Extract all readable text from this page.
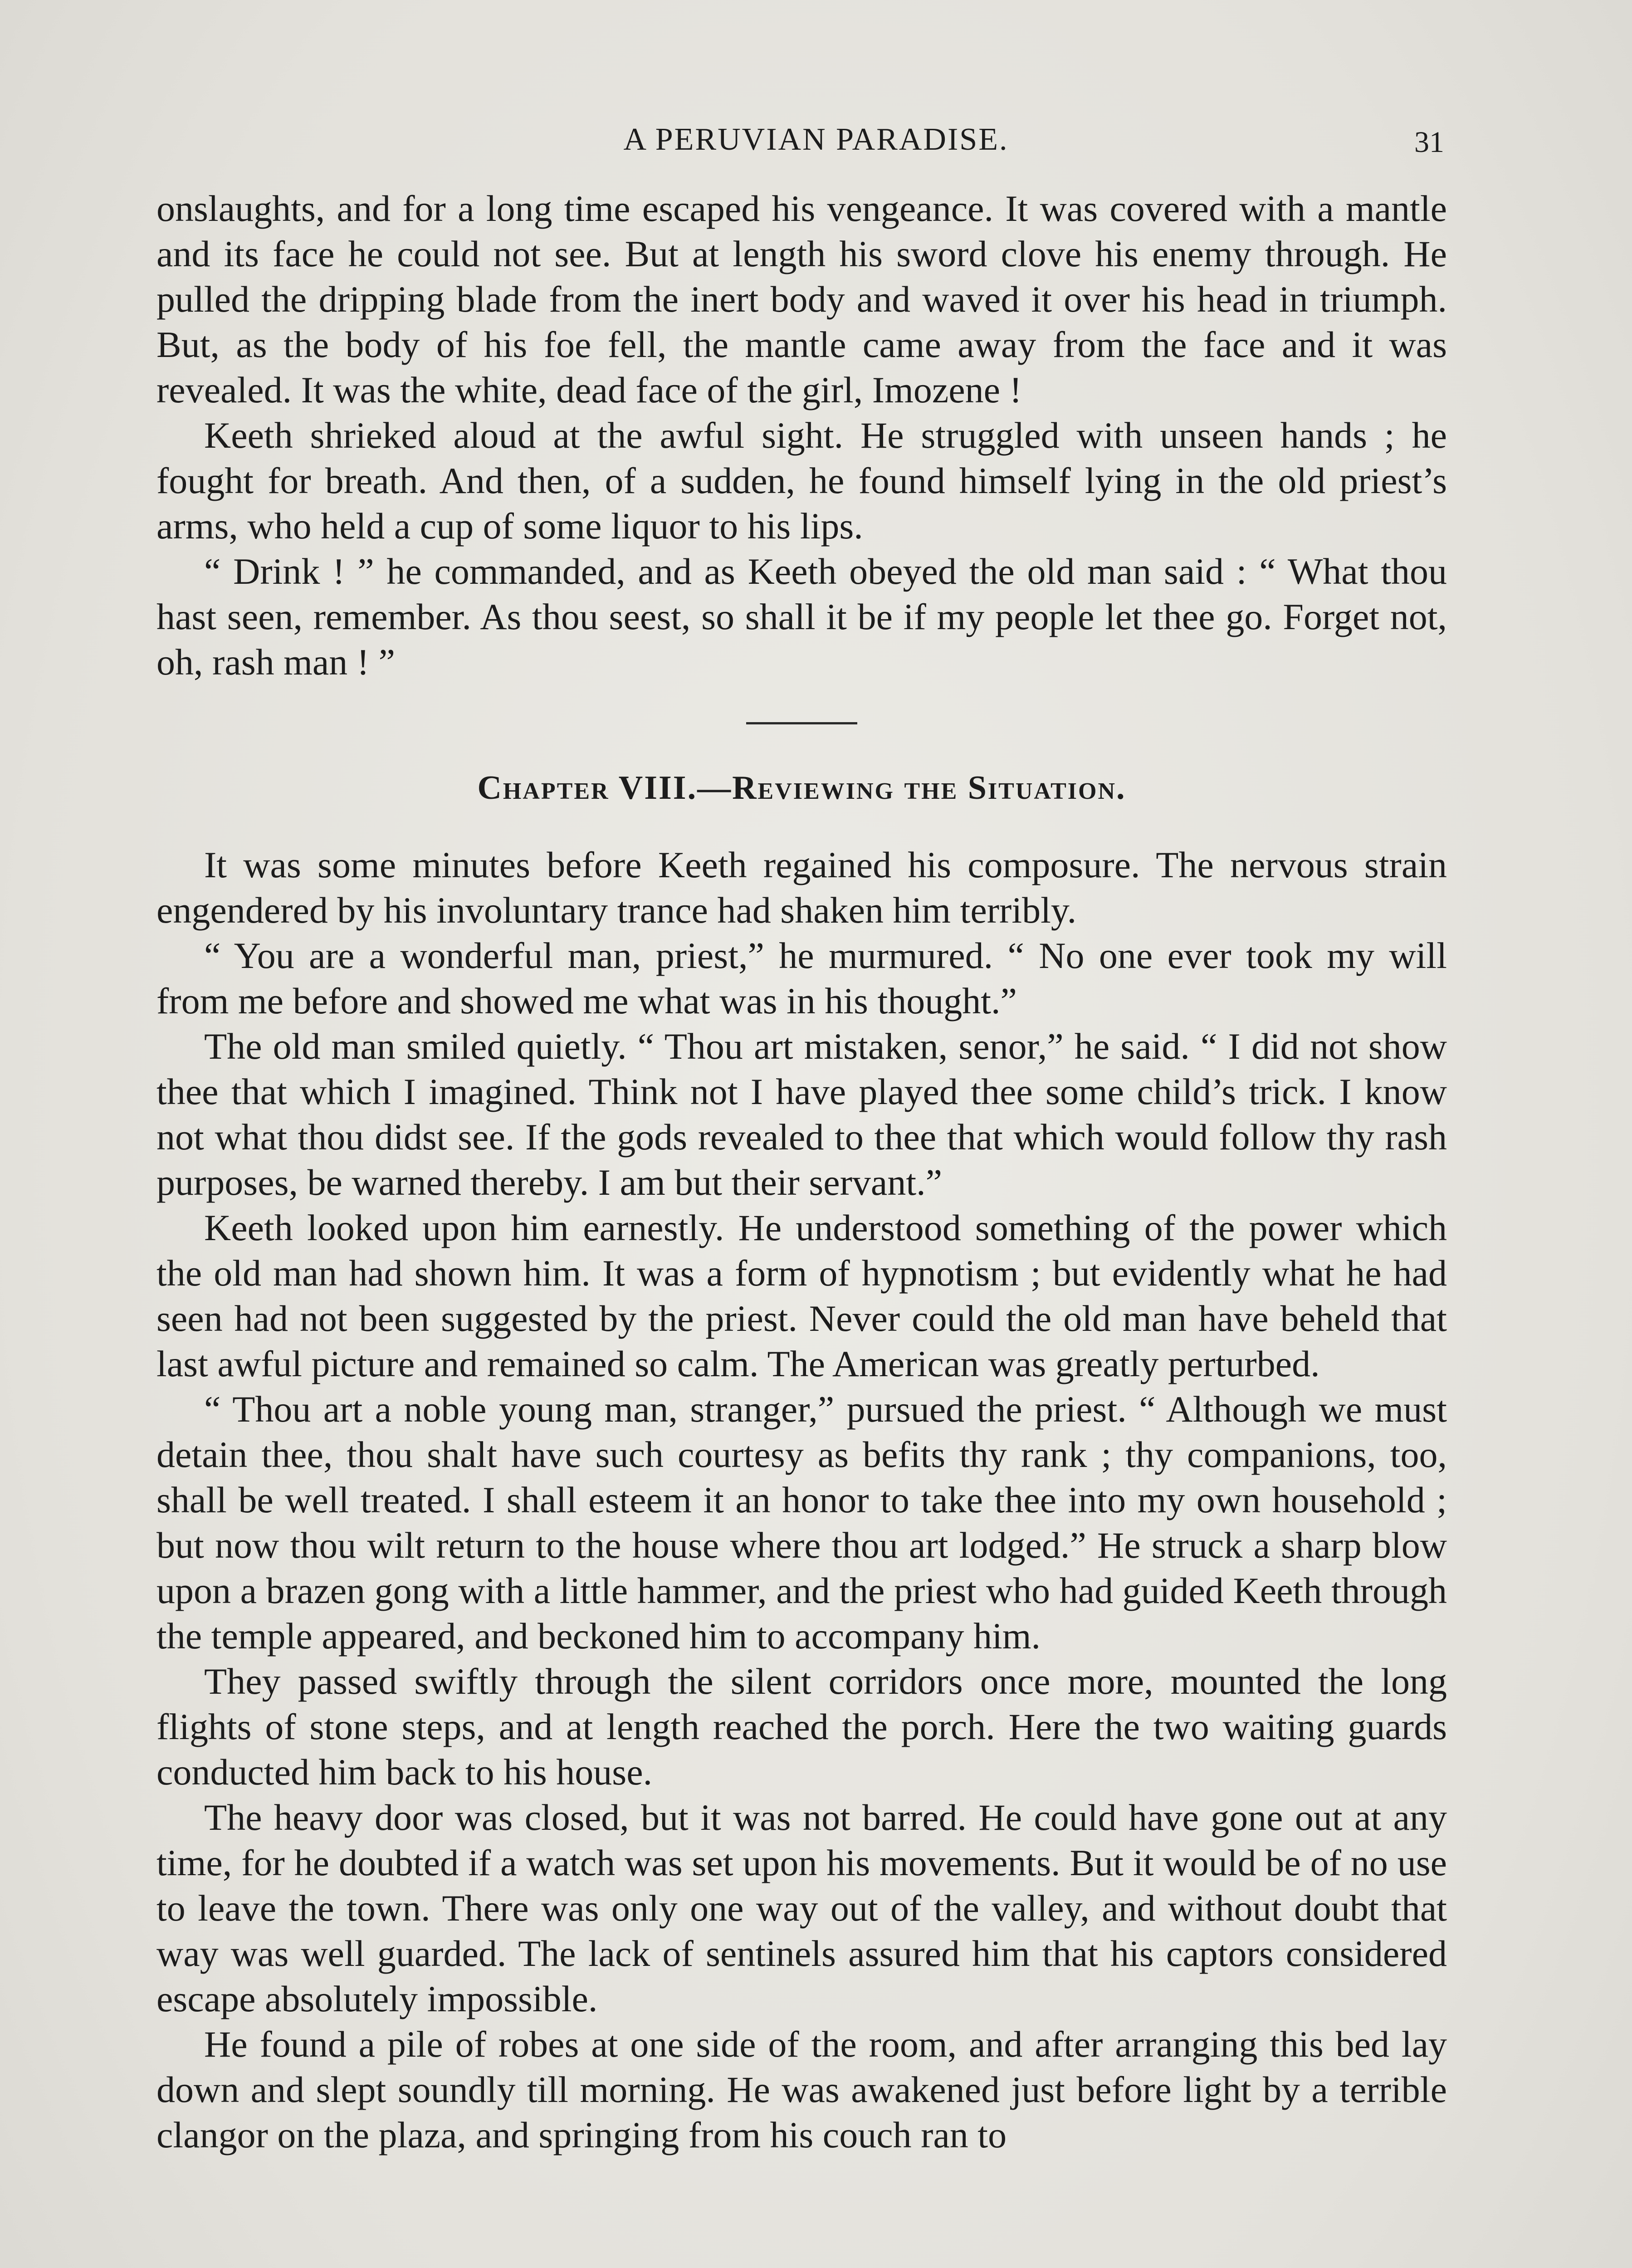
A PERUVIAN PARADISE.	31

onslaughts, and for a long time escaped his vengeance. It was covered with a mantle and its face he could not see. But at length his sword clove his enemy through. He pulled the dripping blade from the inert body and waved it over his head in triumph. But, as the body of his foe fell, the mantle came away from the face and it was revealed. It was the white, dead face of the girl, Imozene !

Keeth shrieked aloud at the awful sight. He struggled with unseen hands ; he fought for breath. And then, of a sudden, he found himself lying in the old priest’s arms, who held a cup of some liquor to his lips.

“ Drink ! ” he commanded, and as Keeth obeyed the old man said : “ What thou hast seen, remember. As thou seest, so shall it be if my people let thee go. Forget not, oh, rash man ! ”

Chapter VIII.—Reviewing the Situation.

It was some minutes before Keeth regained his composure. The nervous strain engendered by his involuntary trance had shaken him terribly.

“ You are a wonderful man, priest,” he murmured. “ No one ever took my will from me before and showed me what was in his thought.”

The old man smiled quietly. “ Thou art mistaken, senor,” he said. “ I did not show thee that which I imagined. Think not I have played thee some child’s trick. I know not what thou didst see. If the gods revealed to thee that which would follow thy rash purposes, be warned thereby. I am but their servant.”

Keeth looked upon him earnestly. He understood something of the power which the old man had shown him. It was a form of hypnotism ; but evidently what he had seen had not been suggested by the priest. Never could the old man have beheld that last awful picture and remained so calm. The American was greatly perturbed.

“ Thou art a noble young man, stranger,” pursued the priest. “ Although we must detain thee, thou shalt have such courtesy as befits thy rank ; thy companions, too, shall be well treated. I shall esteem it an honor to take thee into my own household ; but now thou wilt return to the house where thou art lodged.” He struck a sharp blow upon a brazen gong with a little hammer, and the priest who had guided Keeth through the temple appeared, and beckoned him to accompany him.

They passed swiftly through the silent corridors once more, mounted the long flights of stone steps, and at length reached the porch. Here the two waiting guards conducted him back to his house.

The heavy door was closed, but it was not barred. He could have gone out at any time, for he doubted if a watch was set upon his movements. But it would be of no use to leave the town. There was only one way out of the valley, and without doubt that way was well guarded. The lack of sentinels assured him that his captors considered escape absolutely impossible.

He found a pile of robes at one side of the room, and after arranging this bed lay down and slept soundly till morning. He was awakened just before light by a terrible clangor on the plaza, and springing from his couch ran to
